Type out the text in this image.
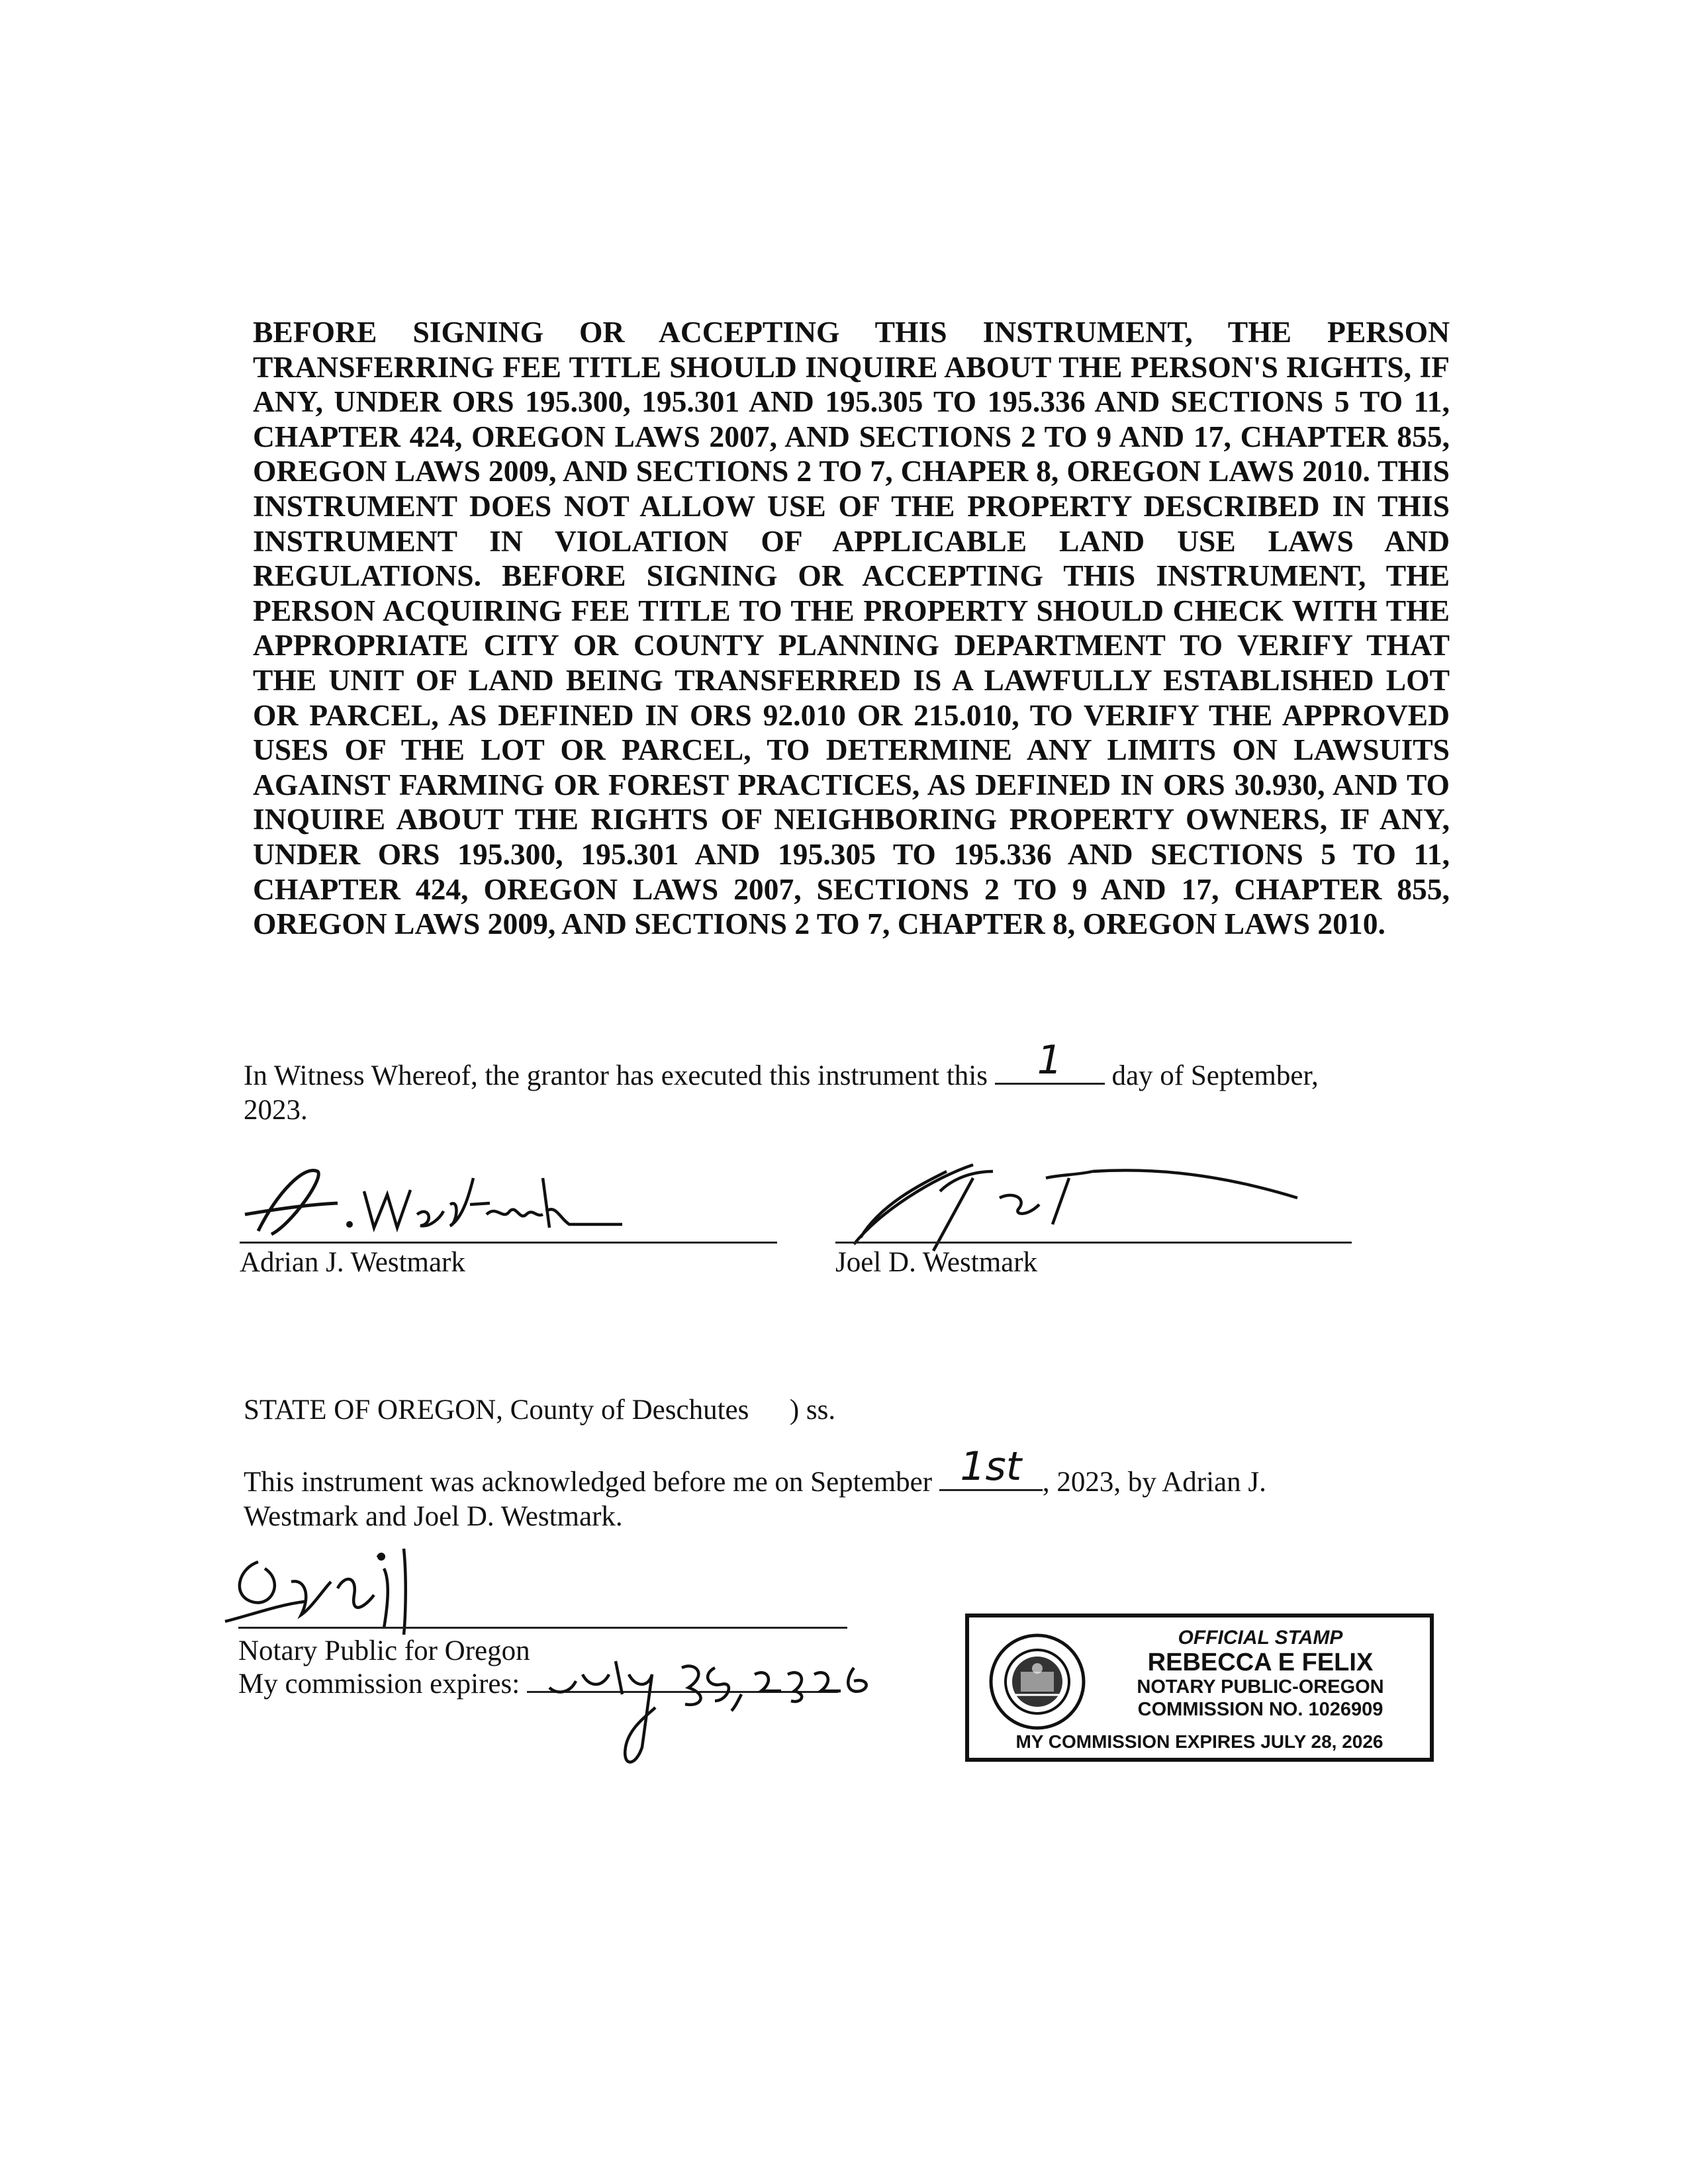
BEFORE SIGNING OR ACCEPTING THIS INSTRUMENT, THE PERSON TRANSFERRING FEE TITLE SHOULD INQUIRE ABOUT THE PERSON'S RIGHTS, IF ANY, UNDER ORS 195.300, 195.301 AND 195.305 TO 195.336 AND SECTIONS 5 TO 11, CHAPTER 424, OREGON LAWS 2007, AND SECTIONS 2 TO 9 AND 17, CHAPTER 855, OREGON LAWS 2009, AND SECTIONS 2 TO 7, CHAPER 8, OREGON LAWS 2010. THIS INSTRUMENT DOES NOT ALLOW USE OF THE PROPERTY DESCRIBED IN THIS INSTRUMENT IN VIOLATION OF APPLICABLE LAND USE LAWS AND REGULATIONS. BEFORE SIGNING OR ACCEPTING THIS INSTRUMENT, THE PERSON ACQUIRING FEE TITLE TO THE PROPERTY SHOULD CHECK WITH THE APPROPRIATE CITY OR COUNTY PLANNING DEPARTMENT TO VERIFY THAT THE UNIT OF LAND BEING TRANSFERRED IS A LAWFULLY ESTABLISHED LOT OR PARCEL, AS DEFINED IN ORS 92.010 OR 215.010, TO VERIFY THE APPROVED USES OF THE LOT OR PARCEL, TO DETERMINE ANY LIMITS ON LAWSUITS AGAINST FARMING OR FOREST PRACTICES, AS DEFINED IN ORS 30.930, AND TO INQUIRE ABOUT THE RIGHTS OF NEIGHBORING PROPERTY OWNERS, IF ANY, UNDER ORS 195.300, 195.301 AND 195.305 TO 195.336 AND SECTIONS 5 TO 11, CHAPTER 424, OREGON LAWS 2007, SECTIONS 2 TO 9 AND 17, CHAPTER 855, OREGON LAWS 2009, AND SECTIONS 2 TO 7, CHAPTER 8, OREGON LAWS 2010.
In Witness Whereof, the grantor has executed this instrument this	1	day of September,
2023.
Adrian J. Westmark	Joel D. Westmark
STATE OF OREGON, County of Deschutes ) ss.
This instrument was acknowledged before me on September 1st , 2023, by Adrian J.
Westmark and Joel D. Westmark.
Notary Public for Oregon
My commission expires:
OFFICIAL STAMP
REBECCA E FELIX
NOTARY PUBLIC-OREGON
COMMISSION NO. 1026909
MY COMMISSION EXPIRES JULY 28, 2026
